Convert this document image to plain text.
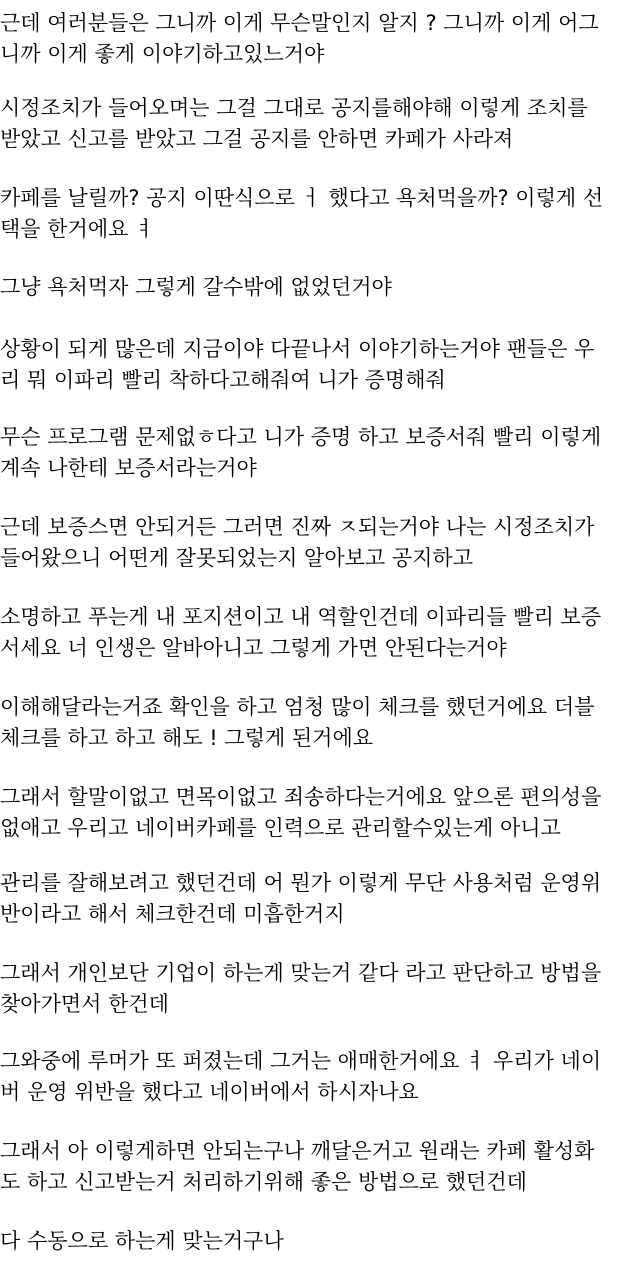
근데 여러분들은 그니까 이게 무슨말인지 알지 ? 그니까 이게 어그
니까 이게 좋게 이야기하고있느거야

시정조치가 들어오며는 그걸 그대로 공지를해야해 이렇게 조치를
받았고 신고를 받았고 그걸 공지를 안하면 카페가 사라져

카페를 날릴까? 공지 이딴식으로 ㅓ 했다고 욕처먹을까? 이렇게 선
택을 한거에요 ㅕ

그냥 욕처먹자 그렇게 갈수밖에 없었던거야

상황이 되게 많은데 지금이야 다끝나서 이야기하는거야 팬들은 우
리 뭐 이파리 빨리 착하다고해줘여 니가 증명해줘

무슨 프로그램 문제없ㅎ다고 니가 증명 하고 보증서줘 빨리 이렇게
계속 나한테 보증서라는거야

근데 보증스면 안되거든 그러면 진짜 ㅈ되는거야 나는 시정조치가
들어왔으니 어떤게 잘못되었는지 알아보고 공지하고

소명하고 푸는게 내 포지션이고 내 역할인건데 이파리들 빨리 보증
서세요 너 인생은 알바아니고 그렇게 가면 안된다는거야

이해해달라는거죠 확인을 하고 엄청 많이 체크를 했던거에요 더블
체크를 하고 하고 해도 ! 그렇게 된거에요

그래서 할말이없고 면목이없고 죄송하다는거에요 앞으론 편의성을
없애고 우리고 네이버카페를 인력으로 관리할수있는게 아니고

관리를 잘해보려고 했던건데 어 뭔가 이렇게 무단 사용처럼 운영위
반이라고 해서 체크한건데 미흡한거지

그래서 개인보단 기업이 하는게 맞는거 같다 라고 판단하고 방법을
찾아가면서 한건데

그와중에 루머가 또 퍼졌는데 그거는 애매한거에요 ㅕ 우리가 네이
버 운영 위반을 했다고 네이버에서 하시자나요

그래서 아 이렇게하면 안되는구나 깨달은거고 원래는 카페 활성화
도 하고 신고받는거 처리하기위해 좋은 방법으로 했던건데

다 수동으로 하는게 맞는거구나
